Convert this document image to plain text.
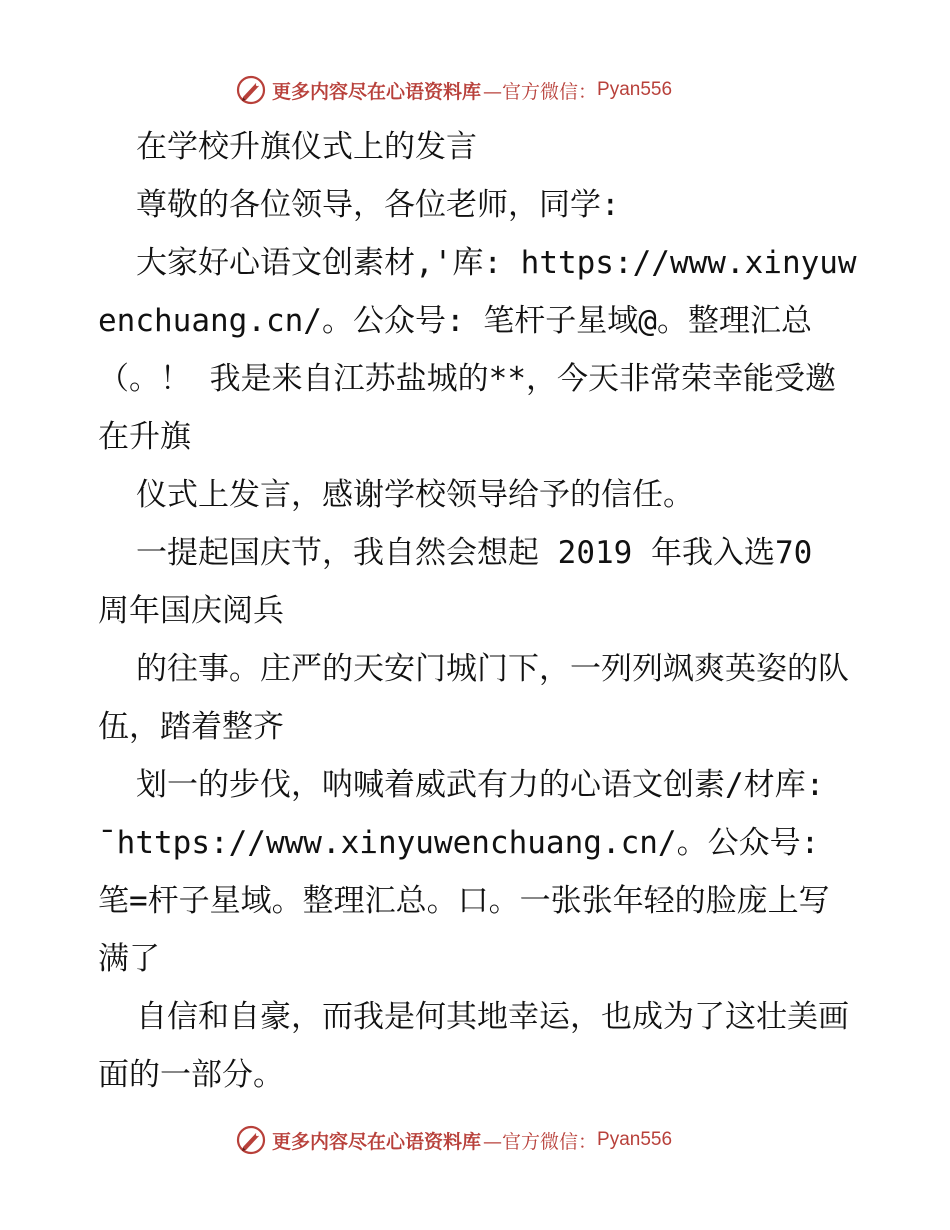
更多内容尽在心语资料库 —官方微信： Pyan556

在学校升旗仪式上的发言

尊敬的各位领导，各位老师，同学:

大家好心语文创素材,'库: https://www.xinyuwenchuang.cn/。公众号: 笔杆子星域@。整理汇总（。！ 我是来自江苏盐城的**，今天非常荣幸能受邀在升旗

仪式上发言，感谢学校领导给予的信任。

一提起国庆节，我自然会想起 2019 年我入选70 周年国庆阅兵

的往事。庄严的天安门城门下，一列列飒爽英姿的队伍，踏着整齐

划一的步伐，呐喊着威武有力的心语文创素/材库: ¯https://www.xinyuwenchuang.cn/。公众号: 笔=杆子星域。整理汇总。口。一张张年轻的脸庞上写满了

自信和自豪，而我是何其地幸运，也成为了这壮美画面的一部分。

更多内容尽在心语资料库 —官方微信： Pyan556
